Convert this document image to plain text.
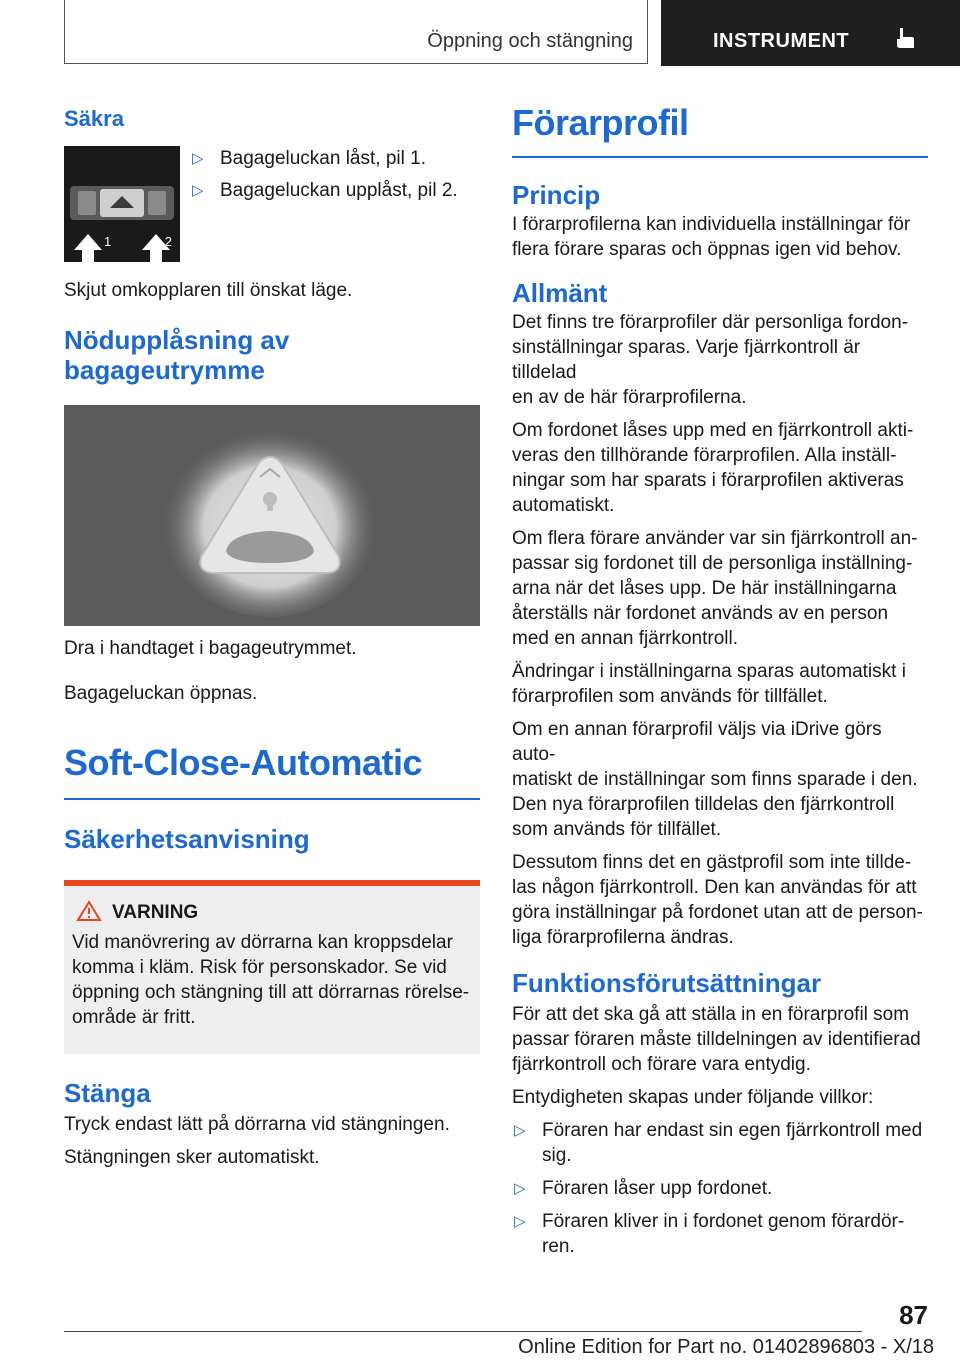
Öppning och stängning	INSTRUMENT
Säkra
1	2
▷ Bagageluckan låst, pil 1.
▷ Bagageluckan upplåst, pil 2.

Skjut omkopplaren till önskat läge.

Nödupplåsning av
bagageutrymme

Dra i handtaget i bagageutrymmet.

Bagageluckan öppnas.

Soft-Close-Automatic
Säkerhetsanvisning
VARNING

Vid manövrering av dörrarna kan kroppsdelar

komma i kläm. Risk för personskador. Se vid

öppning och stängning till att dörrarnas rörelse-

område är fritt.

Stänga

Tryck endast lätt på dörrarna vid stängningen.

Stängningen sker automatiskt.

Förarprofil
Princip

I förarprofilerna kan individuella inställningar för

flera förare sparas och öppnas igen vid behov.

Allmänt

Det finns tre förarprofiler där personliga fordon-

sinställningar sparas. Varje fjärrkontroll är tilldelad

en av de här förarprofilerna.

Om fordonet låses upp med en fjärrkontroll akti-

veras den tillhörande förarprofilen. Alla inställ-

ningar som har sparats i förarprofilen aktiveras

automatiskt.

Om flera förare använder var sin fjärrkontroll an-

passar sig fordonet till de personliga inställning-

arna när det låses upp. De här inställningarna

återställs när fordonet används av en person

med en annan fjärrkontroll.

Ändringar i inställningarna sparas automatiskt i

förarprofilen som används för tillfället.

Om en annan förarprofil väljs via iDrive görs auto-

matiskt de inställningar som finns sparade i den.

Den nya förarprofilen tilldelas den fjärrkontroll

som används för tillfället.

Dessutom finns det en gästprofil som inte tillde-

las någon fjärrkontroll. Den kan användas för att

göra inställningar på fordonet utan att de person-

liga förarprofilerna ändras.

Funktionsförutsättningar

För att det ska gå att ställa in en förarprofil som

passar föraren måste tilldelningen av identifierad

fjärrkontroll och förare vara entydig.

Entydigheten skapas under följande villkor:

▷ Föraren har endast sin egen fjärrkontroll med
sig.
▷ Föraren låser upp fordonet.
▷ Föraren kliver in i fordonet genom förardör-
ren.
87
Online Edition for Part no. 01402896803 - X/18
